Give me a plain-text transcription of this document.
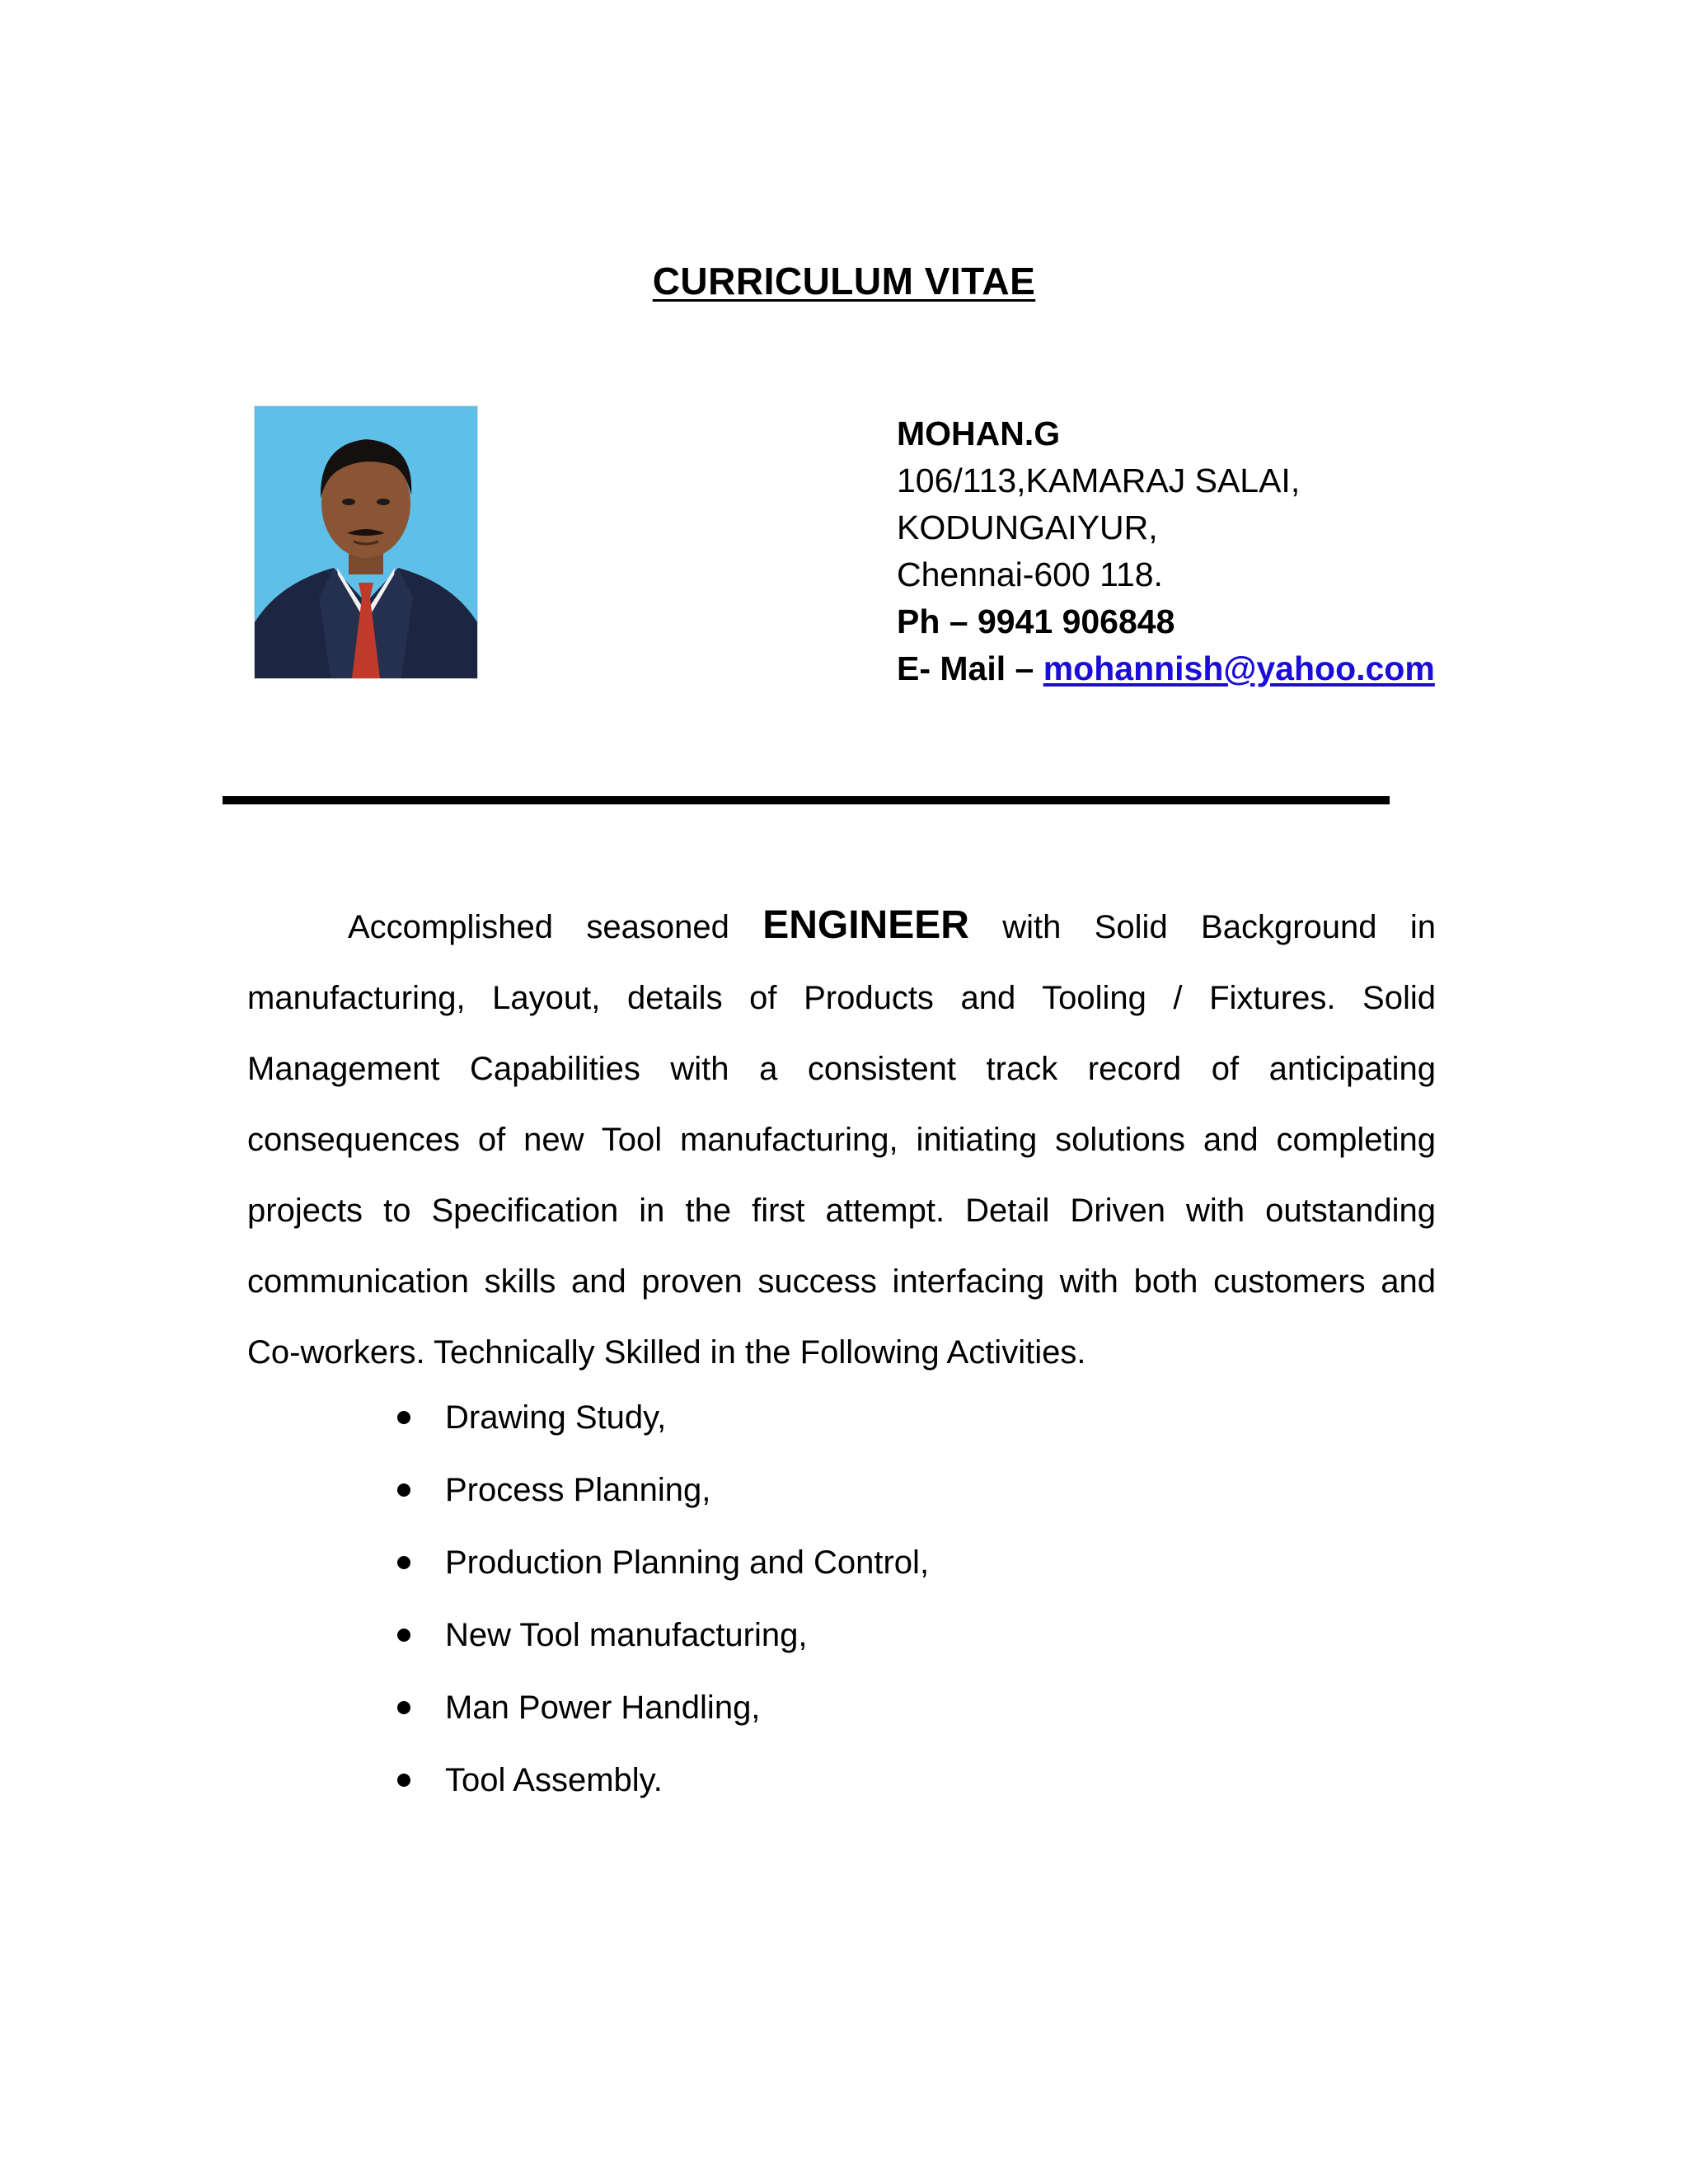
CURRICULUM VITAE
MOHAN.G
106/113,KAMARAJ SALAI,
KODUNGAIYUR,
Chennai-600 118.
Ph – 9941 906848
E- Mail – mohannish@yahoo.com

Accomplished seasoned ENGINEER with Solid Background in manufacturing, Layout, details of Products and Tooling / Fixtures. Solid Management Capabilities with a consistent track record of anticipating consequences of new Tool manufacturing, initiating solutions and completing projects to Specification in the first attempt. Detail Driven with outstanding communication skills and proven success interfacing with both customers and Co-workers. Technically Skilled in the Following Activities.

Drawing Study,
Process Planning,
Production Planning and Control,
New Tool manufacturing,
Man Power Handling,
Tool Assembly.
